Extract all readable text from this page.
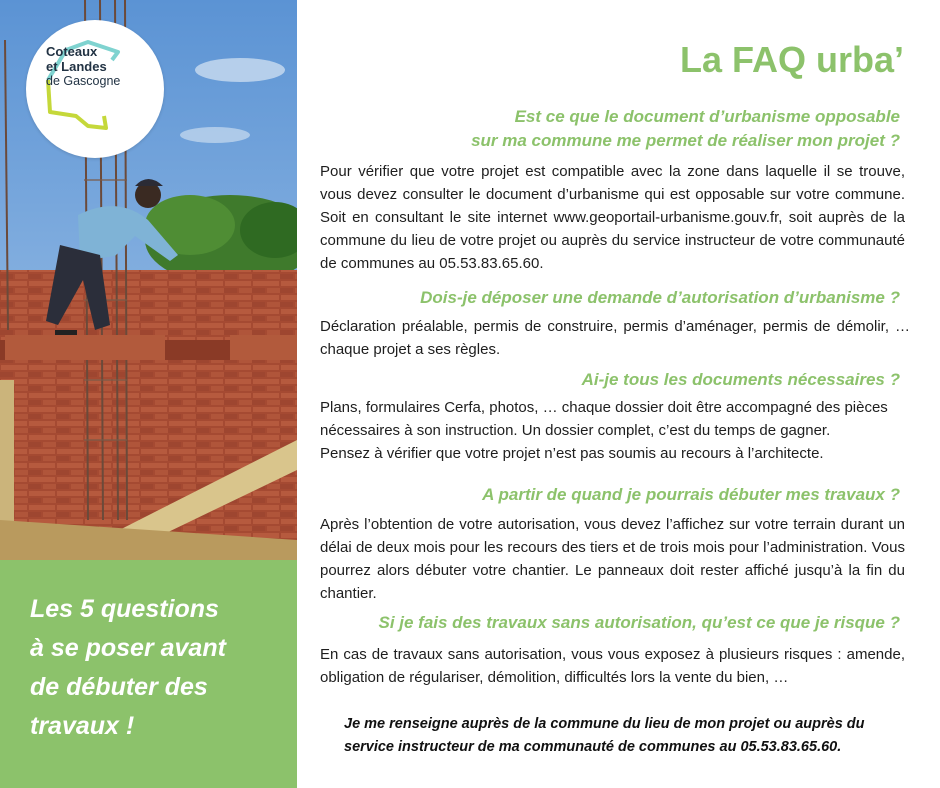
Coteaux
et Landes
de Gascogne
Les 5 questions
à se poser avant
de débuter des
travaux !
La FAQ urba’
Est ce que le document d’urbanisme opposable
sur ma commune me permet de réaliser mon projet ?
Pour vérifier que votre projet est compatible avec la zone dans laquelle il se trouve, vous devez consulter le document d’urbanisme qui est opposable sur votre commune. Soit en consultant le site internet www.geoportail-urbanisme.gouv.fr, soit auprès de la commune du lieu de votre projet ou auprès du service instructeur de votre communauté de communes au 05.53.83.65.60.
Dois-je déposer une demande d’autorisation d’urbanisme ?
Déclaration préalable, permis de construire, permis d’aménager, permis de démolir, … chaque projet a ses règles.
Ai-je tous les documents nécessaires ?
Plans, formulaires Cerfa, photos, … chaque dossier doit être accompagné des pièces
nécessaires à son instruction. Un dossier complet, c’est du temps de gagner.
Pensez à vérifier que votre projet n’est pas soumis au recours à l’architecte.
A partir de quand je pourrais débuter mes travaux ?
Après l’obtention de votre autorisation, vous devez l’affichez sur votre terrain durant un délai de deux mois pour les recours des tiers et de trois mois pour l’administration. Vous pourrez alors débuter votre chantier. Le panneaux doit rester affiché jusqu’à la fin du chantier.
Si je fais des travaux sans autorisation, qu’est ce que je risque ?
En cas de travaux sans autorisation, vous vous exposez à plusieurs risques : amende, obligation de régulariser, démolition, difficultés lors la vente du bien, …
Je me renseigne auprès de la commune du lieu de mon projet ou auprès du
service instructeur de ma communauté de communes au 05.53.83.65.60.
